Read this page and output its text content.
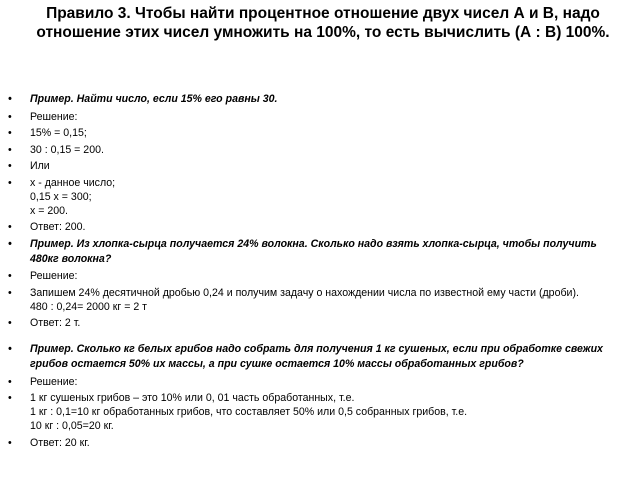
Правило 3. Чтобы найти процентное отношение двух чисел А и В, надо отношение этих чисел умножить на 100%, то есть вычислить (А : В) 100%.
• Пример. Найти число, если 15% его равны 30.
• Решение:
• 15% = 0,15;
• 30 : 0,15 = 200.
• Или
• х - данное число;
0,15 х = 300;
х = 200.
• Ответ: 200.
• Пример. Из хлопка-сырца получается 24% волокна. Сколько надо взять хлопка-сырца, чтобы получить 480кг волокна?
• Решение:
• Запишем 24% десятичной дробью 0,24 и получим задачу о нахождении числа по известной ему части (дроби).
480 : 0,24= 2000 кг = 2 т
• Ответ: 2 т.
• Пример. Сколько кг белых грибов надо собрать для получения 1 кг сушеных, если при обработке свежих грибов остается 50% их массы, а при сушке остается 10% массы обработанных грибов?
• Решение:
• 1 кг сушеных грибов – это 10% или 0, 01 часть обработанных, т.е.
1 кг : 0,1=10 кг обработанных грибов, что составляет 50% или 0,5 собранных грибов, т.е.
10 кг : 0,05=20 кг.
• Ответ: 20 кг.
